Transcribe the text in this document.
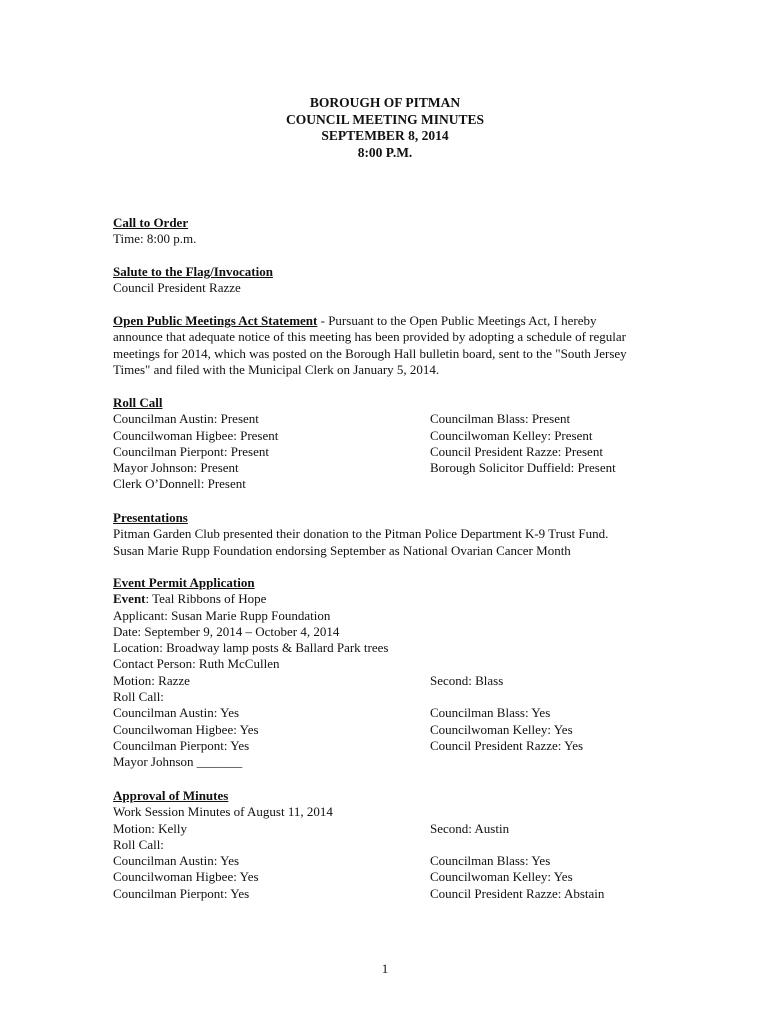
BOROUGH OF PITMAN
COUNCIL MEETING MINUTES
SEPTEMBER 8, 2014
8:00 P.M.
Call to Order
Time: 8:00 p.m.
Salute to the Flag/Invocation
Council President Razze
Open Public Meetings Act Statement - Pursuant to the Open Public Meetings Act, I hereby announce that adequate notice of this meeting has been provided by adopting a schedule of regular meetings for 2014, which was posted on the Borough Hall bulletin board, sent to the "South Jersey Times" and filed with the Municipal Clerk on January 5, 2014.
Roll Call
Councilman Austin: Present	Councilman Blass: Present
Councilwoman Higbee: Present	Councilwoman Kelley: Present
Councilman Pierpont: Present	Council President Razze: Present
Mayor Johnson: Present	Borough Solicitor Duffield: Present
Clerk O’Donnell: Present
Presentations
Pitman Garden Club presented their donation to the Pitman Police Department K-9 Trust Fund.
Susan Marie Rupp Foundation endorsing September as National Ovarian Cancer Month
Event Permit Application
Event: Teal Ribbons of Hope
Applicant: Susan Marie Rupp Foundation
Date: September 9, 2014 – October 4, 2014
Location: Broadway lamp posts & Ballard Park trees
Contact Person: Ruth McCullen
Motion: Razze	Second: Blass
Roll Call:
Councilman Austin: Yes	Councilman Blass: Yes
Councilwoman Higbee: Yes	Councilwoman Kelley: Yes
Councilman Pierpont: Yes	Council President Razze: Yes
Mayor Johnson _______
Approval of Minutes
Work Session Minutes of August 11, 2014
Motion: Kelly	Second: Austin
Roll Call:
Councilman Austin: Yes	Councilman Blass: Yes
Councilwoman Higbee: Yes	Councilwoman Kelley: Yes
Councilman Pierpont: Yes	Council President Razze: Abstain
1
